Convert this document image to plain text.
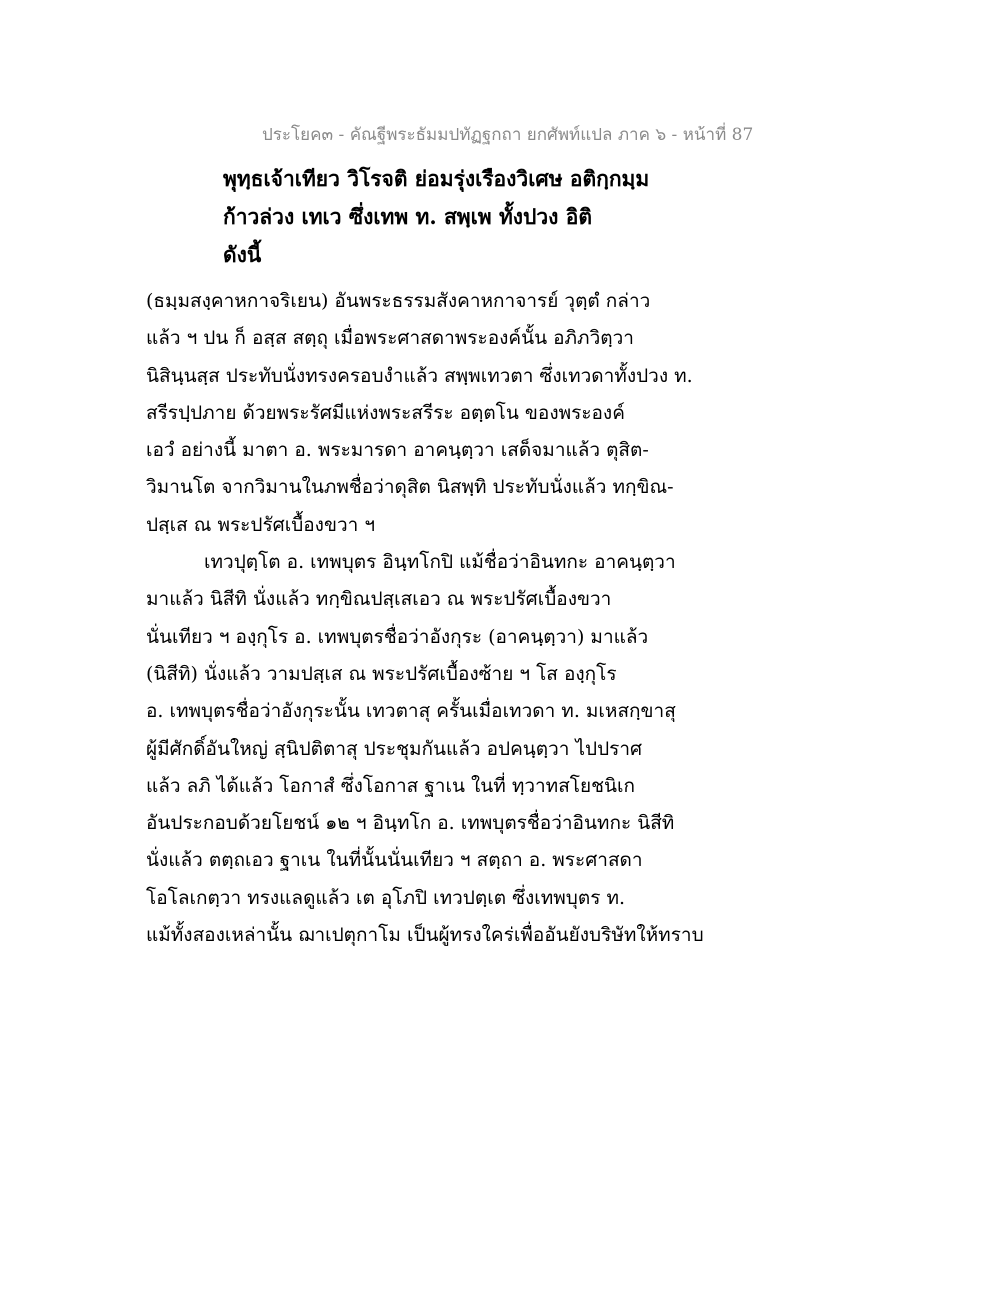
ประโยค๓ - คัณฐีพระธัมมปทัฏฐกถา ยกศัพท์แปล ภาค ๖ - หน้าที่ 87
พุทฺธเจ้าเทียว วิโรจติ ย่อมรุ่งเรืองวิเศษ อติกฺกมฺม
ก้าวล่วง เทเว ซึ่งเทพ ท. สพฺเพ ทั้งปวง อิติ
ดังนี้
(ธมฺมสงฺคาหกาจริเยน) อันพระธรรมสังคาหกาจารย์ วุตฺตํ กล่าว
แล้ว ฯ ปน ก็ อสฺส สตฺถุ เมื่อพระศาสดาพระองค์นั้น อภิภวิตฺวา
นิสินฺนสฺส ประทับนั่งทรงครอบงำแล้ว สพฺพเทวตา ซึ่งเทวดาทั้งปวง ท.
สรีรปฺปภาย ด้วยพระรัศมีแห่งพระสรีระ อตฺตโน ของพระองค์
เอวํ อย่างนี้ มาตา อ. พระมารดา อาคนฺตฺวา เสด็จมาแล้ว ตุสิต-
วิมานโต จากวิมานในภพชื่อว่าดุสิต นิสพฺทิ ประทับนั่งแล้ว ทกฺขิณ-
ปสฺเส ณ พระปรัศเบื้องขวา ฯ
เทวปุตฺโต อ. เทพบุตร อินฺทโกปิ แม้ชื่อว่าอินทกะ อาคนฺตฺวา
มาแล้ว นิสีทิ นั่งแล้ว ทกฺขิณปสฺเสเอว ณ พระปรัศเบื้องขวา
นั่นเทียว ฯ องฺกุโร อ. เทพบุตรชื่อว่าอังกุระ (อาคนฺตฺวา) มาแล้ว
(นิสีทิ) นั่งแล้ว วามปสฺเส ณ พระปรัศเบื้องซ้าย ฯ โส องฺกุโร
อ. เทพบุตรชื่อว่าอังกุระนั้น เทวตาสุ ครั้นเมื่อเทวดา ท. มเหสกฺขาสุ
ผู้มีศักดิ์อันใหญ่ สฺนิปติตาสุ ประชุมกันแล้ว อปคนฺตฺวา ไปปราศ
แล้ว ลภิ ได้แล้ว โอกาสํ ซึ่งโอกาส ฐาเน ในที่ ทฺวาทสโยชนิเก
อันประกอบด้วยโยชน์ ๑๒ ฯ อินฺทโก อ. เทพบุตรชื่อว่าอินทกะ นิสีทิ
นั่งแล้ว ตตฺถเอว ฐาเน ในที่นั้นนั่นเทียว ฯ สตฺถา อ. พระศาสดา
โอโลเกตฺวา ทรงแลดูแล้ว เต อุโภปิ เทวปตฺเต ซึ่งเทพบุตร ท.
แม้ทั้งสองเหล่านั้น ฌาเปตุกาโม เป็นผู้ทรงใคร่เพื่ออันยังบริษัทให้ทราบ
